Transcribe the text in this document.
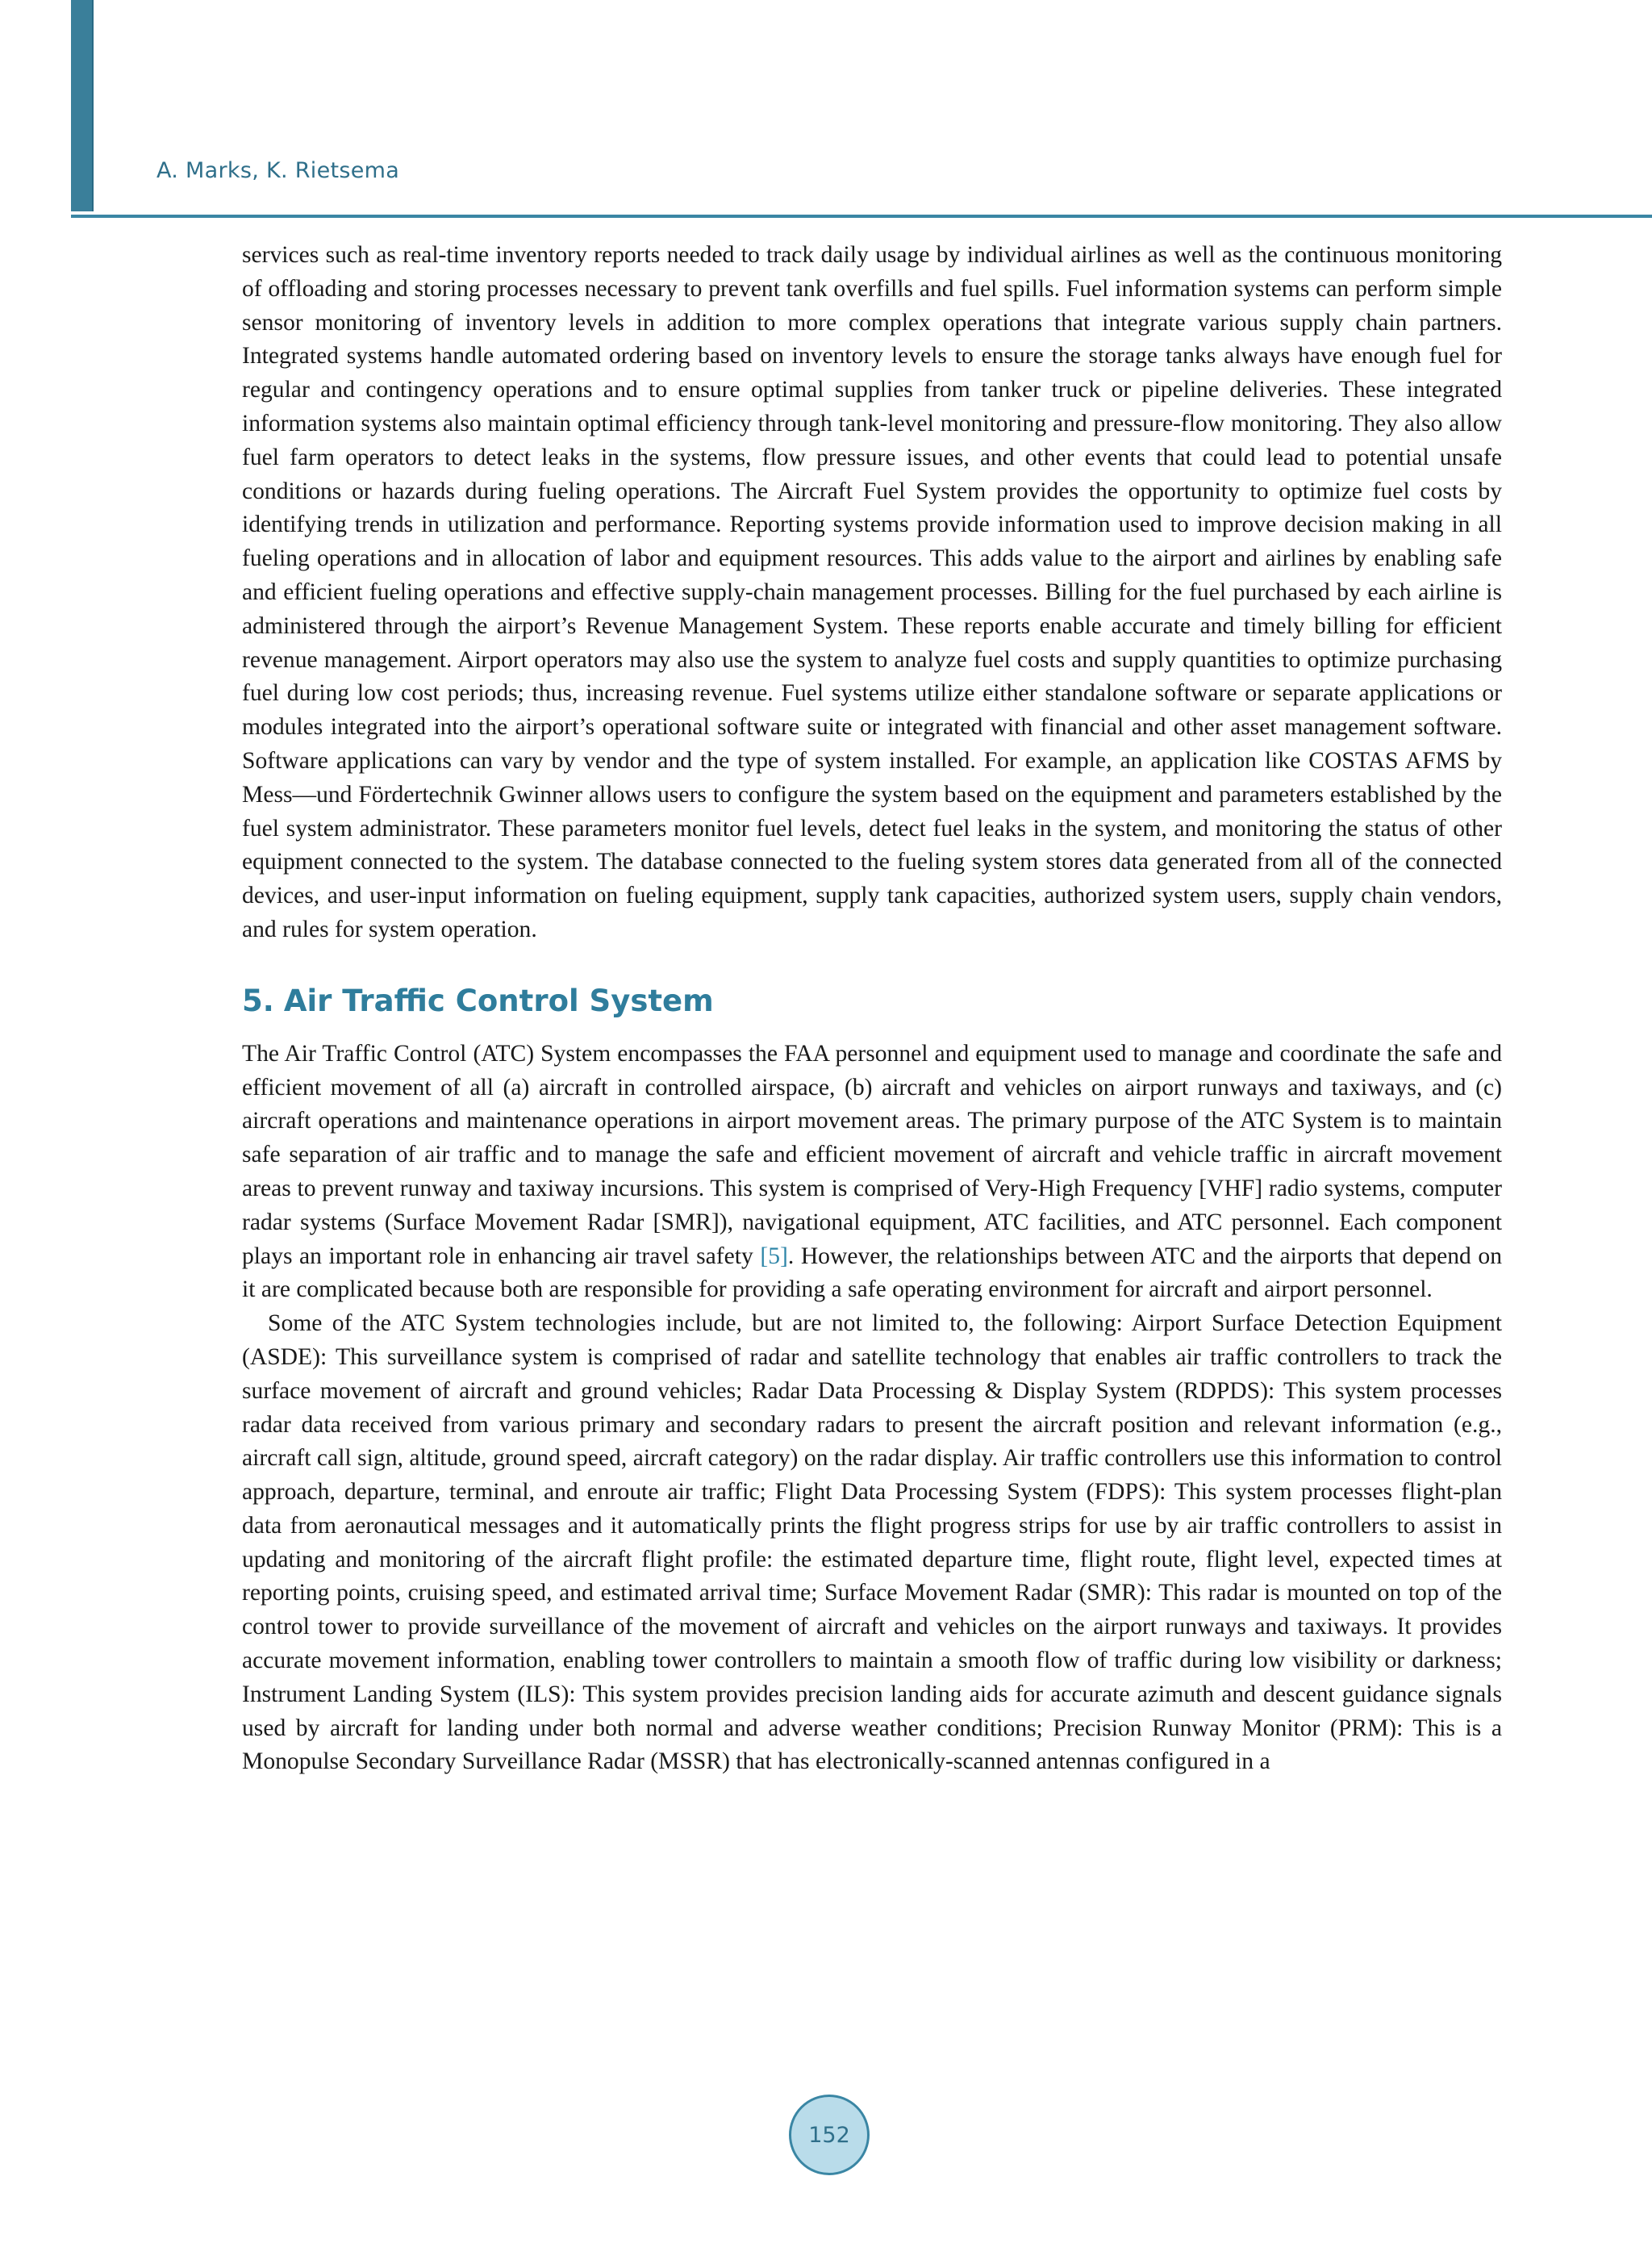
A. Marks, K. Rietsema

services such as real-time inventory reports needed to track daily usage by individual airlines as well as the continuous monitoring of offloading and storing processes necessary to prevent tank overfills and fuel spills. Fuel information systems can perform simple sensor monitoring of inventory levels in addition to more complex operations that integrate various supply chain partners. Integrated systems handle automated ordering based on inventory levels to ensure the storage tanks always have enough fuel for regular and contingency operations and to ensure optimal supplies from tanker truck or pipeline deliveries. These integrated information systems also maintain optimal efficiency through tank-level monitoring and pressure-flow monitoring. They also allow fuel farm operators to detect leaks in the systems, flow pressure issues, and other events that could lead to potential unsafe conditions or hazards during fueling operations. The Aircraft Fuel System provides the opportunity to optimize fuel costs by identifying trends in utilization and performance. Reporting systems provide information used to improve decision making in all fueling operations and in allocation of labor and equipment resources. This adds value to the airport and airlines by enabling safe and efficient fueling operations and effective supply-chain management processes. Billing for the fuel purchased by each airline is administered through the airport’s Revenue Management System. These reports enable accurate and timely billing for efficient revenue management. Airport operators may also use the system to analyze fuel costs and supply quantities to optimize purchasing fuel during low cost periods; thus, increasing revenue. Fuel systems utilize either standalone software or separate applications or modules integrated into the airport’s operational software suite or integrated with financial and other asset management software. Software applications can vary by vendor and the type of system installed. For example, an application like COSTAS AFMS by Mess—und Fördertechnik Gwinner allows users to configure the system based on the equipment and parameters established by the fuel system administrator. These parameters monitor fuel levels, detect fuel leaks in the system, and monitoring the status of other equipment connected to the system. The database connected to the fueling system stores data generated from all of the connected devices, and user-input information on fueling equipment, supply tank capacities, authorized system users, supply chain vendors, and rules for system operation.

5. Air Traffic Control System

The Air Traffic Control (ATC) System encompasses the FAA personnel and equipment used to manage and coordinate the safe and efficient movement of all (a) aircraft in controlled airspace, (b) aircraft and vehicles on airport runways and taxiways, and (c) aircraft operations and maintenance operations in airport movement areas. The primary purpose of the ATC System is to maintain safe separation of air traffic and to manage the safe and efficient movement of aircraft and vehicle traffic in aircraft movement areas to prevent runway and taxiway incursions. This system is comprised of Very-High Frequency [VHF] radio systems, computer radar systems (Surface Movement Radar [SMR]), navigational equipment, ATC facilities, and ATC personnel. Each component plays an important role in enhancing air travel safety [5]. However, the relationships between ATC and the airports that depend on it are complicated because both are responsible for providing a safe operating environment for aircraft and airport personnel.

Some of the ATC System technologies include, but are not limited to, the following: Airport Surface Detection Equipment (ASDE): This surveillance system is comprised of radar and satellite technology that enables air traffic controllers to track the surface movement of aircraft and ground vehicles; Radar Data Processing & Display System (RDPDS): This system processes radar data received from various primary and secondary radars to present the aircraft position and relevant information (e.g., aircraft call sign, altitude, ground speed, aircraft category) on the radar display. Air traffic controllers use this information to control approach, departure, terminal, and enroute air traffic; Flight Data Processing System (FDPS): This system processes flight-plan data from aeronautical messages and it automatically prints the flight progress strips for use by air traffic controllers to assist in updating and monitoring of the aircraft flight profile: the estimated departure time, flight route, flight level, expected times at reporting points, cruising speed, and estimated arrival time; Surface Movement Radar (SMR): This radar is mounted on top of the control tower to provide surveillance of the movement of aircraft and vehicles on the airport runways and taxiways. It provides accurate movement information, enabling tower controllers to maintain a smooth flow of traffic during low visibility or darkness; Instrument Landing System (ILS): This system provides precision landing aids for accurate azimuth and descent guidance signals used by aircraft for landing under both normal and adverse weather conditions; Precision Runway Monitor (PRM): This is a Monopulse Secondary Surveillance Radar (MSSR) that has electronically-scanned antennas configured in a

152
